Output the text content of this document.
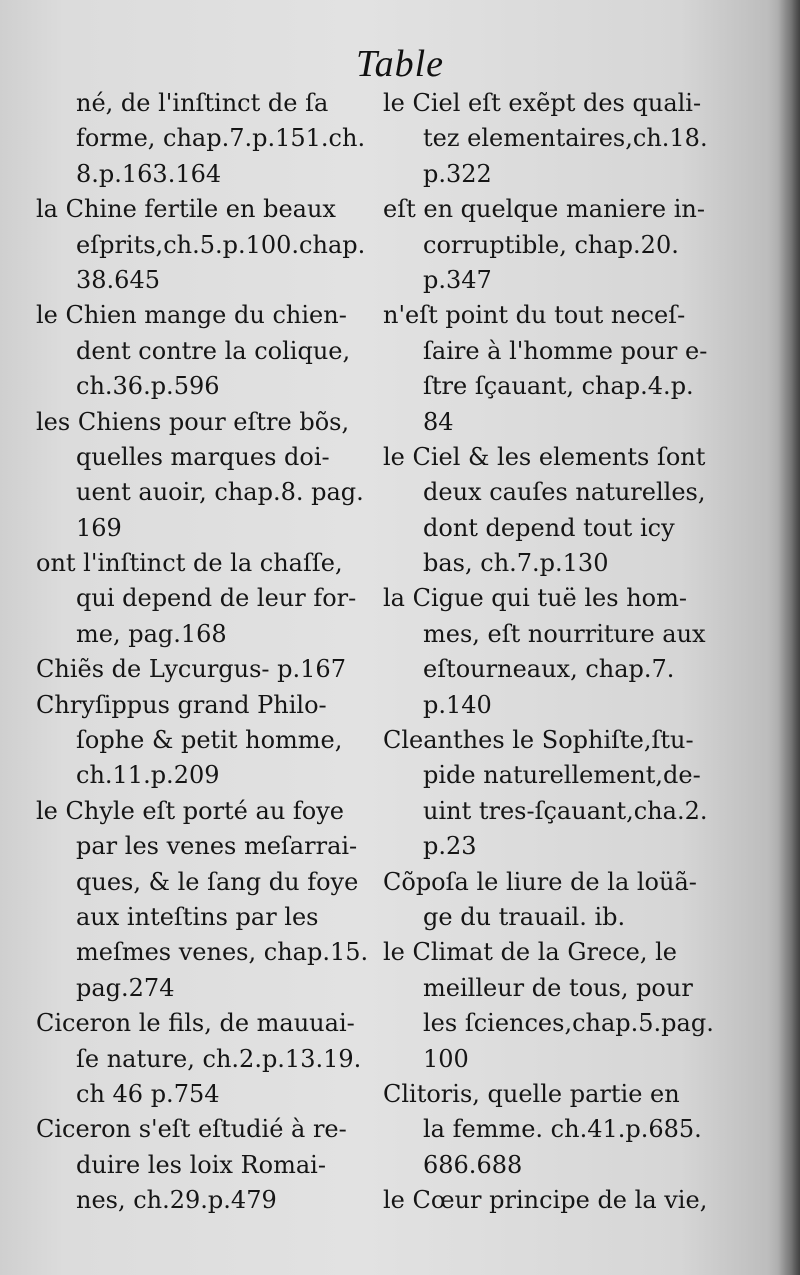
Table
né, de l'inſtinct de ſa
forme, chap.7.p.151.ch.
8.p.163.164
la Chine fertile en beaux
eſprits,ch.5.p.100.chap.
38.645
le Chien mange du chien-
dent contre la colique,
ch.36.p.596
les Chiens pour eſtre bõs,
quelles marques doi-
uent auoir, chap.8. pag.
169
ont l'inſtinct de la chaſſe,
qui depend de leur for-
me, pag.168
Chiẽs de Lycurgus- p.167
Chryſippus grand Philo-
ſophe & petit homme,
ch.11.p.209
le Chyle eſt porté au foye
par les venes meſarrai-
ques, & le ſang du foye
aux inteſtins par les
meſmes venes, chap.15.
pag.274
Ciceron le fils, de mauuai-
ſe nature, ch.2.p.13.19.
ch 46 p.754
Ciceron s'eſt eſtudié à re-
duire les loix Romai-
nes, ch.29.p.479
le Ciel eſt exẽpt des quali-
tez elementaires,ch.18.
p.322
eſt en quelque maniere in-
corruptible, chap.20.
p.347
n'eſt point du tout neceſ-
ſaire à l'homme pour e-
ſtre ſçauant, chap.4.p.
84
le Ciel & les elements ſont
deux cauſes naturelles,
dont depend tout icy
bas, ch.7.p.130
la Cigue qui tuë les hom-
mes, eſt nourriture aux
eſtourneaux, chap.7.
p.140
Cleanthes le Sophiſte,ſtu-
pide naturellement,de-
uint tres-ſçauant,cha.2.
p.23
Cõpoſa le liure de la loüã-
ge du trauail. ib.
le Climat de la Grece, le
meilleur de tous, pour
les ſciences,chap.5.pag.
100
Clitoris, quelle partie en
la femme. ch.41.p.685.
686.688
le Cœur principe de la vie,
